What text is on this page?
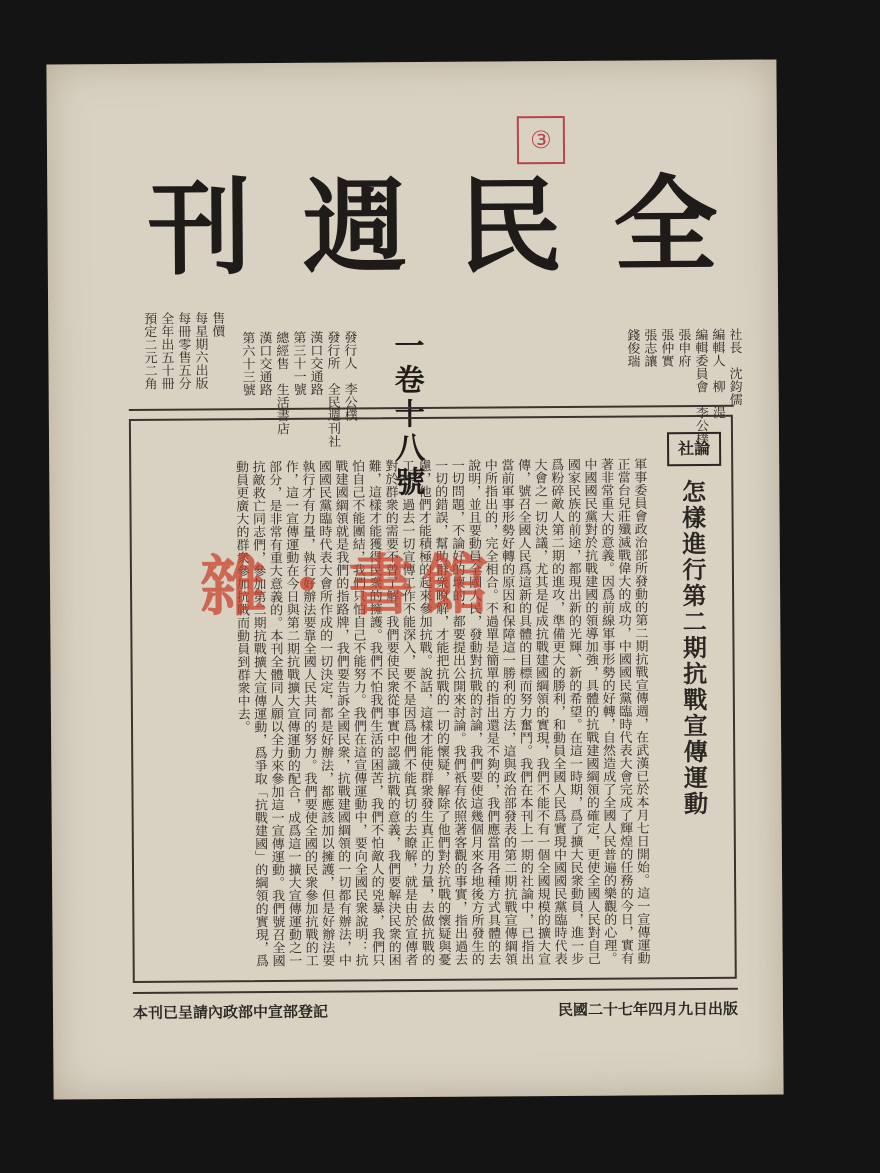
③
全
民
週
刊
社長　沈鈞儒
編輯人　柳　湜
編輯委員會　李公樸
張申府
張仲實
張志讓
錢俊瑞
一卷十八號
發行人　李公樸
發行所　全民週刊社
漢口交通路
第三十一號
總經售　生活書店
漢口交通路
第六十三號
售價
每星期六出版
每冊零售五分
全年出五十冊
預定二元二角
社論
怎樣進行第二期抗戰宣傳運動

軍事委員會政治部所發動的第二期抗戰宣傳週，在武漢已於本月七日開始。這一宣傳運動正當台兒莊殲滅戰偉大的成功，中國國民黨臨時代表大會完成了輝煌的任務的今日，實有著非常重大的意義。因爲前線軍事形勢的好轉，自然造成了全國人民普遍的樂觀的心理。中國國民黨對於抗戰建國的領導加強，具體的抗戰建國綱領的確定，更使全國人民對自己國家民族的前途，都現出新的光輝、新的希望。在這一時期，爲了擴大民衆動員，進一步爲粉碎敵人第二期的進攻，準備更大的勝利，和動員全國人民爲實現中國國民黨臨時代表大會之一切決議，尤其是促成抗戰建國綱領的實現，我們不能不有一個全國規模的擴大宣傳，號召全國人民爲這新的具體的目標而努力奮鬥。我們在本刊上一期的社論中，已指出當前軍事形勢好轉的原因和保障這一勝利的方法，這與政治部發表的第二期抗戰宣傳綱領中所指出的，完全相合。不過單是簡單的指出還是不夠的，我們應當用各種方式具體的去說明，並且要動員全國人民，發動對抗戰的討論，我們要使這幾個月來各地後方所發生的一切問題，不論好的壞的，都要提出公開來討論。我們祇有依照著客觀的事實，指出過去一切的錯誤，幫助群衆瞭解，才能把抗戰的一切的懷疑，解除了他們對於抗戰的懷疑與憂慮，他們才能積極的起來參加抗戰。說話，這樣才能使群衆發生真正的力量，去做抗戰的工作。過去一切宣傳工作不能深入，要不是因爲他們不能真切的去瞭解，就是由於宣傳者對於群衆的需要不曾了解。我們要使民衆從事實中認識抗戰的意義，我們要解決民衆的困難，這樣才能獲得民衆的擁護。我們不怕我們生活的困苦，我們不怕敵人的兇暴，我們只怕自己不能團結，我們只怕自己不能努力。我們在這宣傳運動中，要向全國民衆說明：抗戰建國綱領就是我們的指路牌，我們要告訴全國民衆，抗戰建國綱領的一切都有辦法，中國國民黨臨時代表大會所作成的一切決定，都是好辦法，都應該加以擁護，但是好辦法要執行才有力量，執行好辦法要靠全國人民共同的努力。我們要使全國的民衆參加抗戰的工作，這一宣傳運動在今日與第二期抗戰擴大宣傳運動的配合，成爲這一擴大宣傳運動之一部分，是非常有重大意義的。本刊全體同人願以全力來參加這一宣傳運動。我們號召全國抗敵救亡同志們，參加第二期抗戰擴大宣傳運動，爲爭取「抗戰建國」的綱領的實現，爲動員更廣大的群衆參加抗戰而動員到群衆中去。

雜・書館
本刊已呈請內政部中宣部登記	民國二十七年四月九日出版
